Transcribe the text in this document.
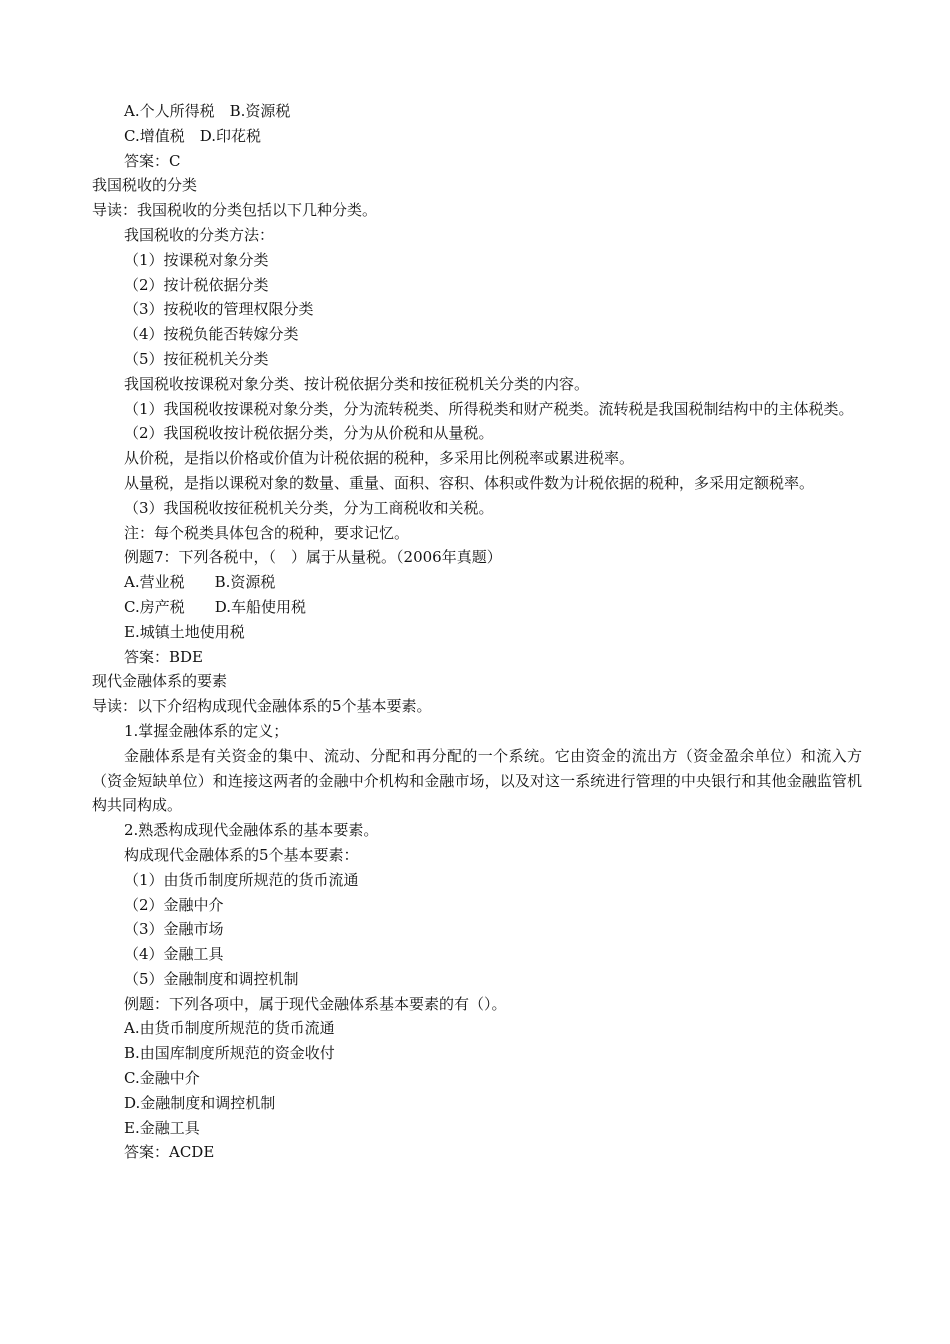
A.个人所得税　B.资源税
C.增值税　D.印花税
答案：C
我国税收的分类
导读：我国税收的分类包括以下几种分类。
我国税收的分类方法：
（1）按课税对象分类
（2）按计税依据分类
（3）按税收的管理权限分类
（4）按税负能否转嫁分类
（5）按征税机关分类
我国税收按课税对象分类、按计税依据分类和按征税机关分类的内容。
（1）我国税收按课税对象分类，分为流转税类、所得税类和财产税类。流转税是我国税制结构中的主体税类。
（2）我国税收按计税依据分类，分为从价税和从量税。
从价税，是指以价格或价值为计税依据的税种，多采用比例税率或累进税率。
从量税，是指以课税对象的数量、重量、面积、容积、体积或件数为计税依据的税种，多采用定额税率。
（3）我国税收按征税机关分类，分为工商税收和关税。
注：每个税类具体包含的税种，要求记忆。
例题7：下列各税中，（　）属于从量税。（2006年真题）
A.营业税　　B.资源税
C.房产税　　D.车船使用税
E.城镇土地使用税
答案：BDE
现代金融体系的要素
导读：以下介绍构成现代金融体系的5个基本要素。
1.掌握金融体系的定义；
金融体系是有关资金的集中、流动、分配和再分配的一个系统。它由资金的流出方（资金盈余单位）和流入方（资金短缺单位）和连接这两者的金融中介机构和金融市场，以及对这一系统进行管理的中央银行和其他金融监管机构共同构成。
2.熟悉构成现代金融体系的基本要素。
构成现代金融体系的5个基本要素：
（1）由货币制度所规范的货币流通
（2）金融中介
（3）金融市场
（4）金融工具
（5）金融制度和调控机制
例题：下列各项中，属于现代金融体系基本要素的有（）。
A.由货币制度所规范的货币流通
B.由国库制度所规范的资金收付
C.金融中介
D.金融制度和调控机制
E.金融工具
答案：ACDE
